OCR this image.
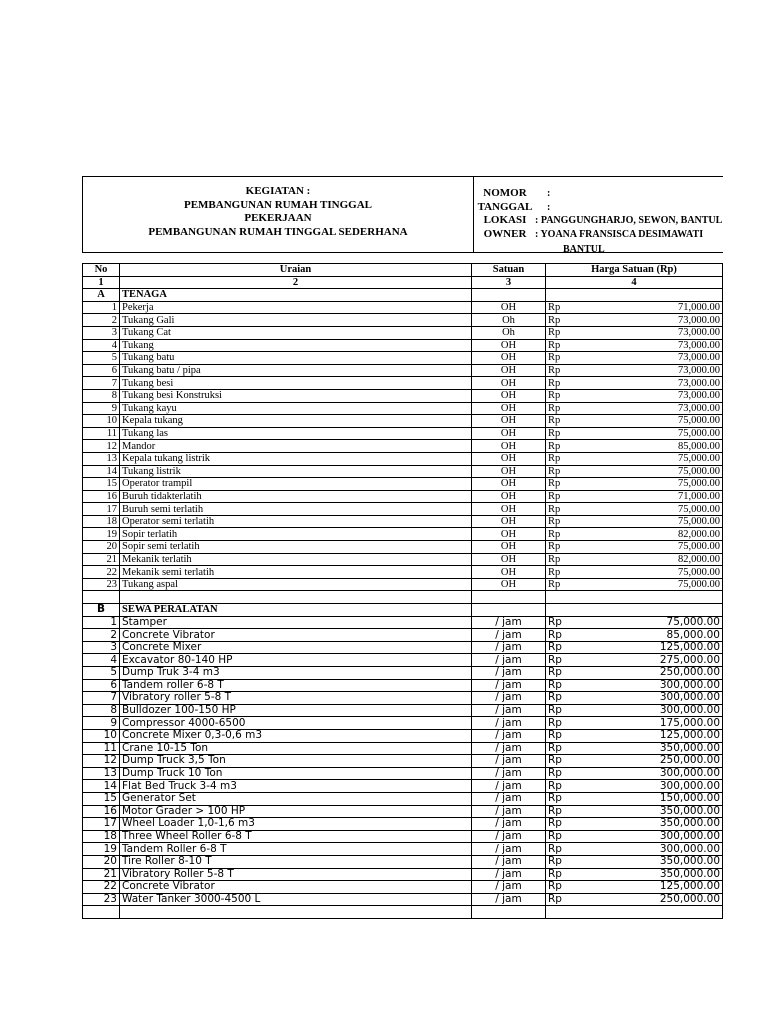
KEGIATAN :
PEMBANGUNAN RUMAH TINGGAL
PEKERJAAN
PEMBANGUNAN RUMAH TINGGAL SEDERHANA
NOMOR	:
TANGGAL	:
LOKASI : PANGGUNGHARJO, SEWON, BANTUL
OWNER : YOANA FRANSISCA DESIMAWATI
BANTUL
No	Uraian	Satuan	Harga Satuan (Rp)
1	2	3	4
A	TENAGA		
1	Pekerja	OH	Rp 71,000.00

2	Tukang Gali	Oh	Rp 73,000.00

3	Tukang Cat	Oh	Rp 73,000.00

4	Tukang	OH	Rp 73,000.00

5	Tukang batu	OH	Rp 73,000.00

6	Tukang batu / pipa	OH	Rp 73,000.00

7	Tukang besi	OH	Rp 73,000.00

8	Tukang besi Konstruksi	OH	Rp 73,000.00

9	Tukang kayu	OH	Rp 73,000.00

10	Kepala tukang	OH	Rp 75,000.00

11	Tukang las	OH	Rp 75,000.00

12	Mandor	OH	Rp 85,000.00

13	Kepala tukang listrik	OH	Rp 75,000.00

14	Tukang listrik	OH	Rp 75,000.00

15	Operator trampil	OH	Rp 75,000.00

16	Buruh tidakterlatih	OH	Rp 71,000.00

17	Buruh semi terlatih	OH	Rp 75,000.00

18	Operator semi terlatih	OH	Rp 75,000.00

19	Sopir terlatih	OH	Rp 82,000.00

20	Sopir semi terlatih	OH	Rp 75,000.00

21	Mekanik terlatih	OH	Rp 82,000.00

22	Mekanik semi terlatih	OH	Rp 75,000.00

23	Tukang aspal	OH	Rp 75,000.00

B	SEWA PERALATAN		
1	Stamper	/ jam	Rp 75,000.00

2	Concrete Vibrator	/ jam	Rp 85,000.00

3	Concrete Mixer	/ jam	Rp 125,000.00

4	Excavator 80-140 HP	/ jam	Rp 275,000.00

5	Dump Truk 3-4 m3	/ jam	Rp 250,000.00

6	Tandem roller 6-8 T	/ jam	Rp 300,000.00

7	Vibratory roller 5-8 T	/ jam	Rp 300,000.00

8	Bulldozer 100-150 HP	/ jam	Rp 300,000.00

9	Compressor 4000-6500	/ jam	Rp 175,000.00

10	Concrete Mixer 0,3-0,6 m3	/ jam	Rp 125,000.00

11	Crane 10-15 Ton	/ jam	Rp 350,000.00

12	Dump Truck 3,5 Ton	/ jam	Rp 250,000.00

13	Dump Truck 10 Ton	/ jam	Rp 300,000.00

14	Flat Bed Truck 3-4 m3	/ jam	Rp 300,000.00

15	Generator Set	/ jam	Rp 150,000.00

16	Motor Grader > 100 HP	/ jam	Rp 350,000.00

17	Wheel Loader 1,0-1,6 m3	/ jam	Rp 350,000.00

18	Three Wheel Roller 6-8 T	/ jam	Rp 300,000.00

19	Tandem Roller 6-8 T	/ jam	Rp 300,000.00

20	Tire Roller 8-10 T	/ jam	Rp 350,000.00

21	Vibratory Roller 5-8 T	/ jam	Rp 350,000.00

22	Concrete Vibrator	/ jam	Rp 125,000.00

23	Water Tanker 3000-4500 L	/ jam	Rp 250,000.00
